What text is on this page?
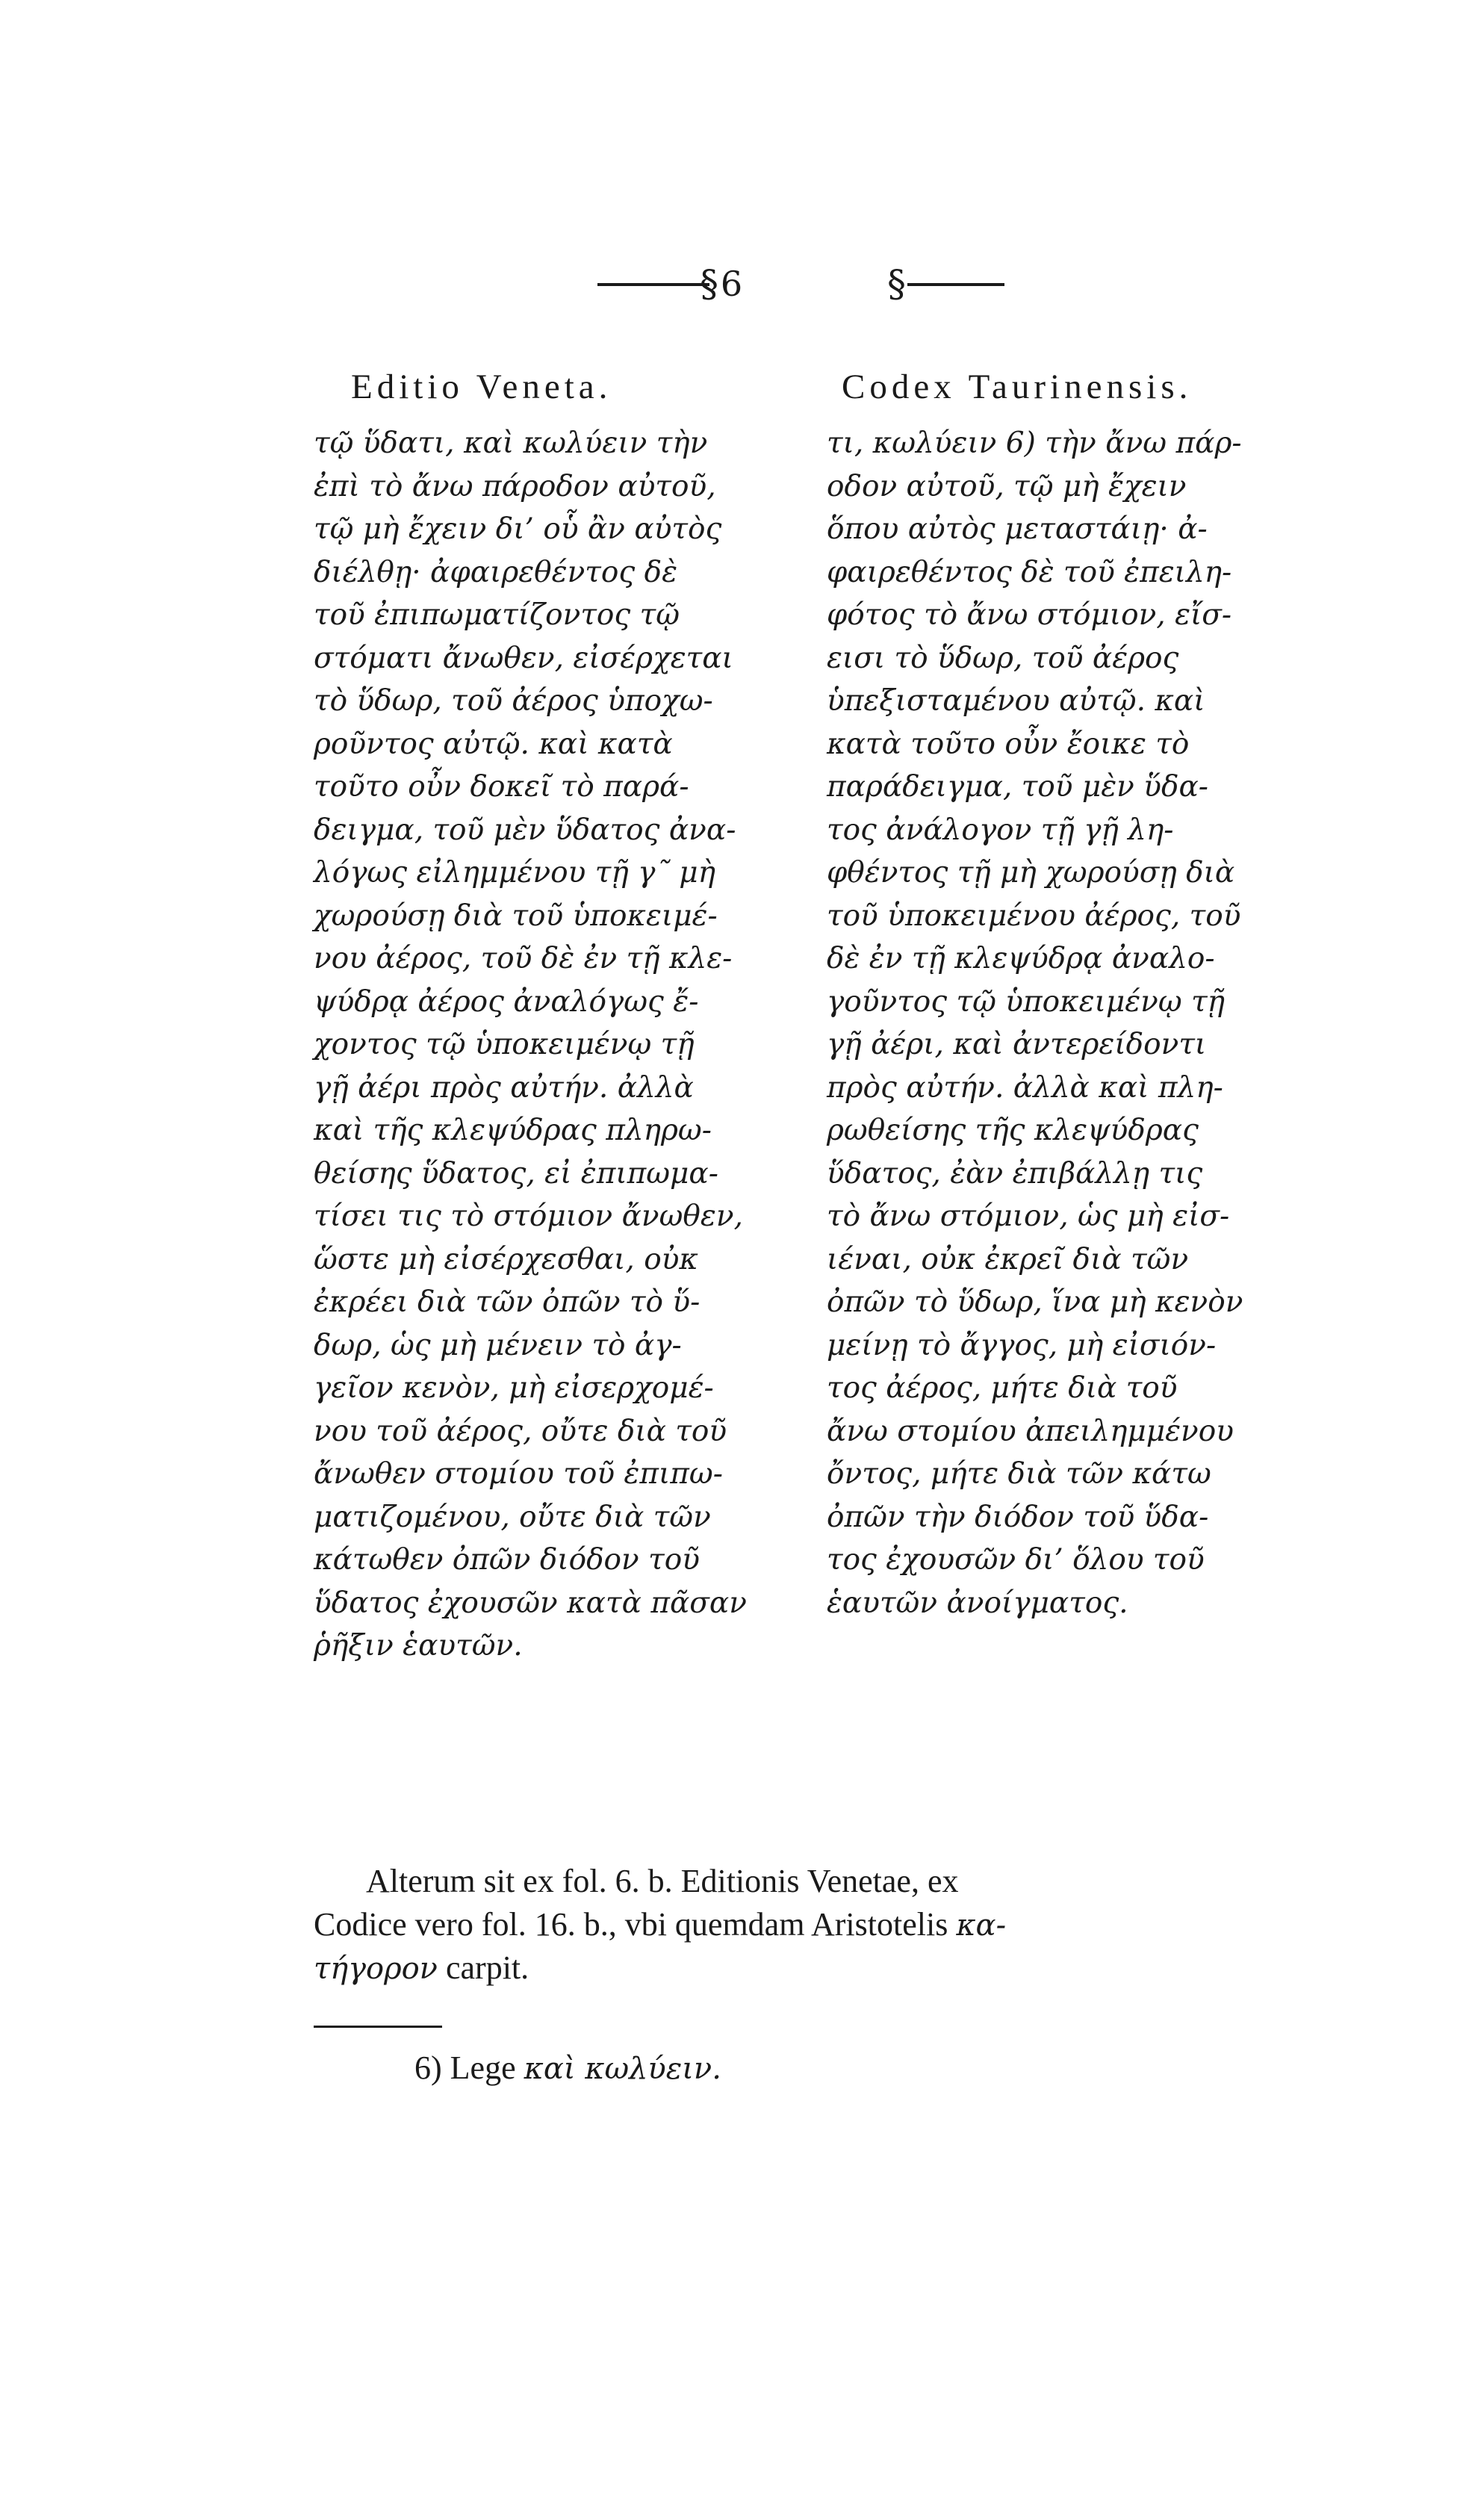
§ 6	§
Editio Veneta.	Codex Taurinensis.
τῷ ὕδατι, καὶ κωλύειν τὴν
ἐπὶ τὸ ἄνω πάροδον αὐτοῦ,
τῷ μὴ ἔχειν δι’ οὗ ἂν αὐτὸς
διέλθῃ· ἀφαιρεθέντος δὲ
τοῦ ἐπιπωματίζοντος τῷ
στόματι ἄνωθεν, εἰσέρχεται
τὸ ὕδωρ, τοῦ ἀέρος ὑποχω-
ροῦντος αὐτῷ. καὶ κατὰ
τοῦτο οὖν δοκεῖ τὸ παρά-
δειγμα, τοῦ μὲν ὕδατος ἀνα-
λόγως εἰλημμένου τῇ γ῀ μὴ
χωρούσῃ διὰ τοῦ ὑποκειμέ-
νου ἀέρος, τοῦ δὲ ἐν τῇ κλε-
ψύδρᾳ ἀέρος ἀναλόγως ἔ-
χοντος τῷ ὑποκειμένῳ τῇ
γῇ ἀέρι πρὸς αὐτήν. ἀλλὰ
καὶ τῆς κλεψύδρας πληρω-
θείσης ὕδατος, εἰ ἐπιπωμα-
τίσει τις τὸ στόμιον ἄνωθεν,
ὥστε μὴ εἰσέρχεσθαι, οὐκ
ἐκρέει διὰ τῶν ὀπῶν τὸ ὕ-
δωρ, ὡς μὴ μένειν τὸ ἀγ-
γεῖον κενὸν, μὴ εἰσερχομέ-
νου τοῦ ἀέρος, οὔτε διὰ τοῦ
ἄνωθεν στομίου τοῦ ἐπιπω-
ματιζομένου, οὔτε διὰ τῶν
κάτωθεν ὀπῶν διόδον τοῦ
ὕδατος ἐχουσῶν κατὰ πᾶσαν
ῥῆξιν ἑαυτῶν.
τι, κωλύειν 6) τὴν ἄνω πάρ-
οδον αὐτοῦ, τῷ μὴ ἔχειν
ὅπου αὐτὸς μεταστάιῃ· ἀ-
φαιρεθέντος δὲ τοῦ ἐπειλη-
φότος τὸ ἄνω στόμιον, εἴσ-
εισι τὸ ὕδωρ, τοῦ ἀέρος
ὑπεξισταμένου αὐτῷ. καὶ
κατὰ τοῦτο οὖν ἔοικε τὸ
παράδειγμα, τοῦ μὲν ὕδα-
τος ἀνάλογον τῇ γῇ λη-
φθέντος τῇ μὴ χωρούσῃ διὰ
τοῦ ὑποκειμένου ἀέρος, τοῦ
δὲ ἐν τῇ κλεψύδρᾳ ἀναλο-
γοῦντος τῷ ὑποκειμένῳ τῇ
γῇ ἀέρι, καὶ ἀντερείδοντι
πρὸς αὐτήν. ἀλλὰ καὶ πλη-
ρωθείσης τῆς κλεψύδρας
ὕδατος, ἐὰν ἐπιβάλλῃ τις
τὸ ἄνω στόμιον, ὡς μὴ εἰσ-
ιέναι, οὐκ ἐκρεῖ διὰ τῶν
ὀπῶν τὸ ὕδωρ, ἵνα μὴ κενὸν
μείνῃ τὸ ἄγγος, μὴ εἰσιόν-
τος ἀέρος, μήτε διὰ τοῦ
ἄνω στομίου ἀπειλημμένου
ὄντος, μήτε διὰ τῶν κάτω
ὀπῶν τὴν διόδον τοῦ ὕδα-
τος ἐχουσῶν δι’ ὅλου τοῦ
ἑαυτῶν ἀνοίγματος.
Alterum sit ex fol. 6. b. Editionis Venetae, ex
Codice vero fol. 16. b., vbi quemdam Aristotelis κα-
τήγορον carpit.
6) Lege καὶ κωλύειν.
